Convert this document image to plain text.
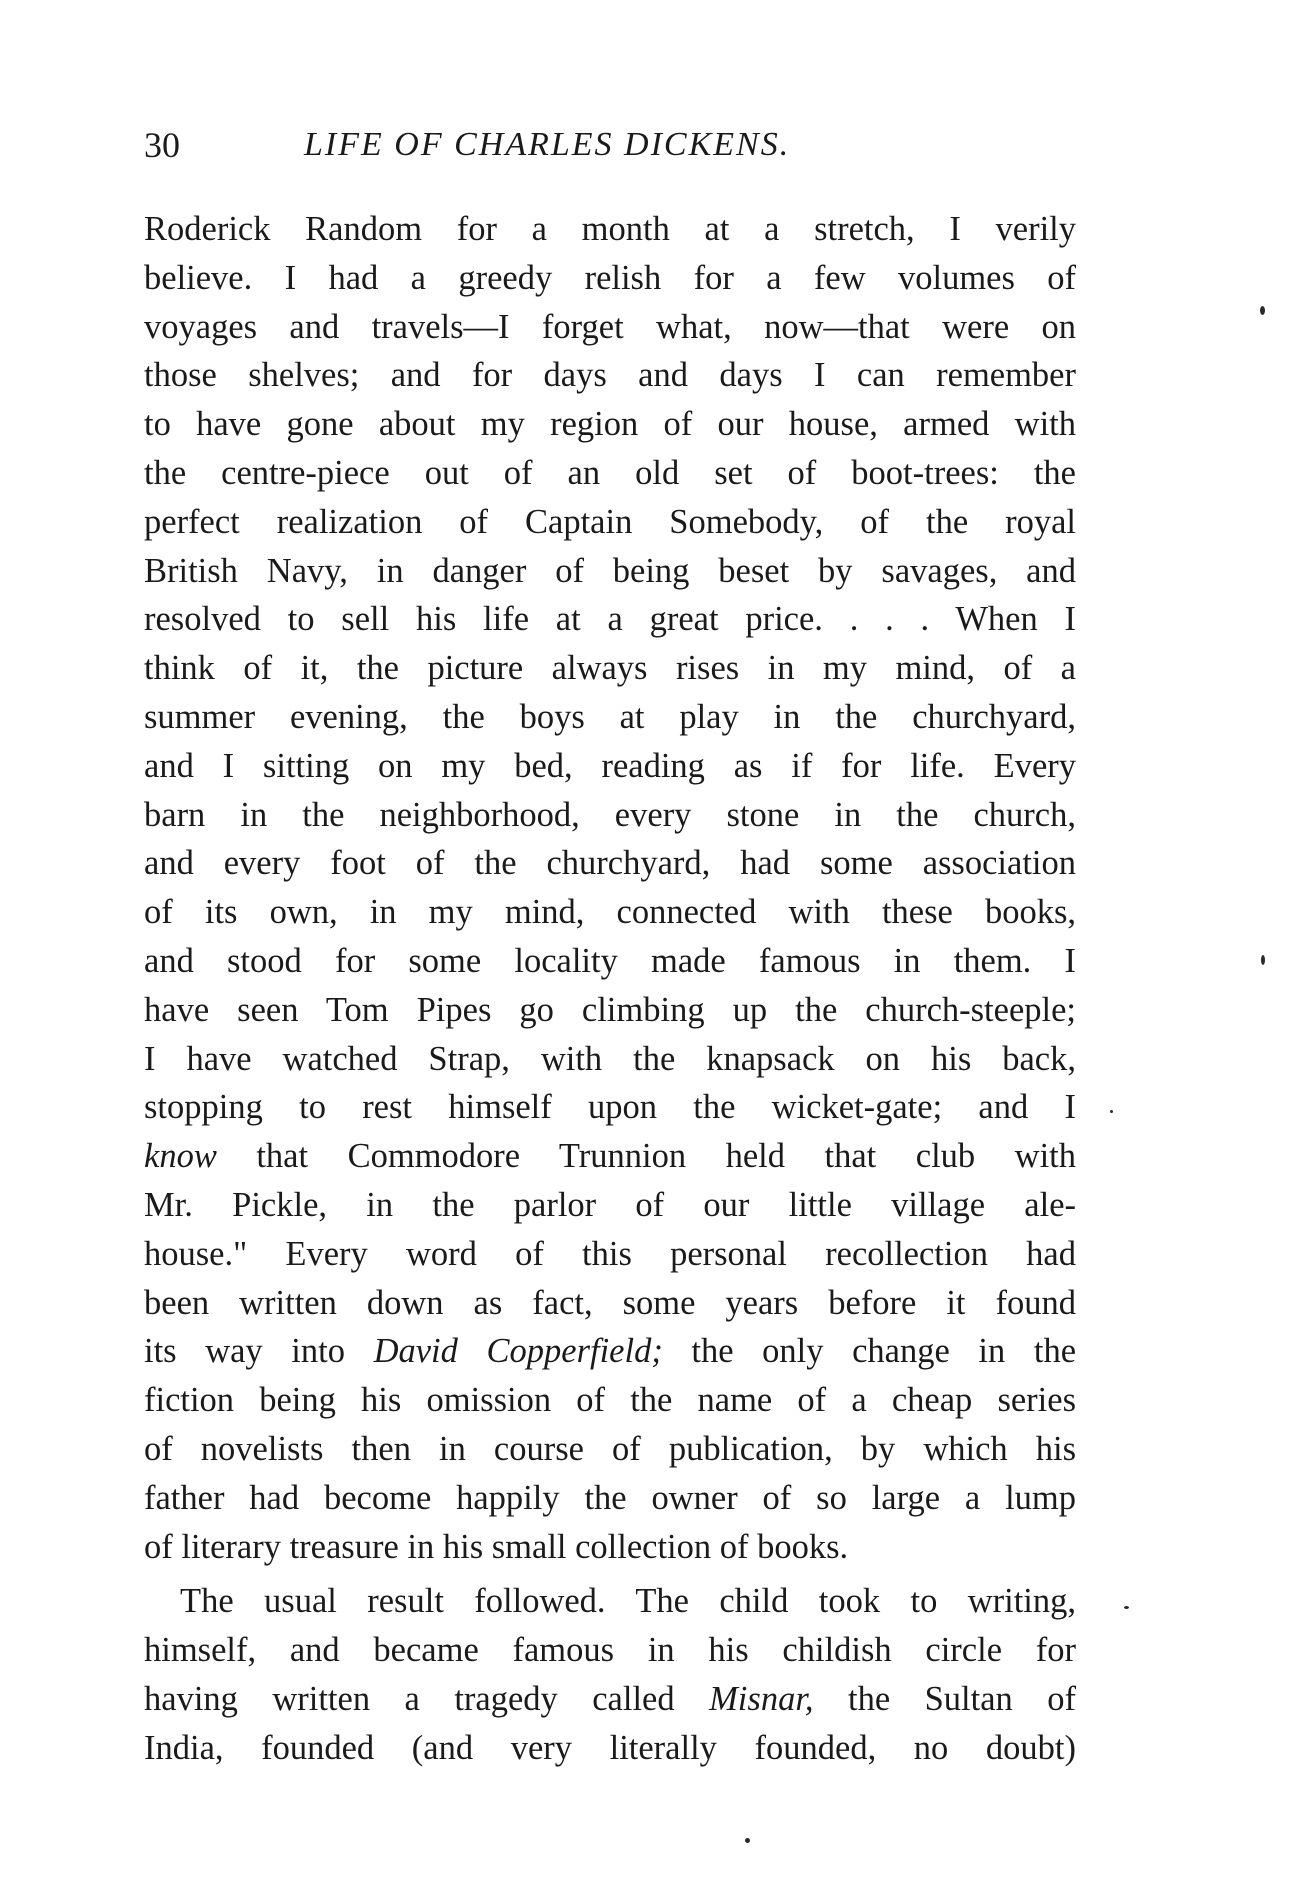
30	LIFE OF CHARLES DICKENS.

Roderick Random for a month at a stretch, I verily
believe. I had a greedy relish for a few volumes of
voyages and travels—I forget what, now—that were on
those shelves; and for days and days I can remember
to have gone about my region of our house, armed with
the centre-piece out of an old set of boot-trees: the
perfect realization of Captain Somebody, of the royal
British Navy, in danger of being beset by savages, and
resolved to sell his life at a great price. . . . When I
think of it, the picture always rises in my mind, of a
summer evening, the boys at play in the churchyard,
and I sitting on my bed, reading as if for life. Every
barn in the neighborhood, every stone in the church,
and every foot of the churchyard, had some association
of its own, in my mind, connected with these books,
and stood for some locality made famous in them. I
have seen Tom Pipes go climbing up the church-steeple;
I have watched Strap, with the knapsack on his back,
stopping to rest himself upon the wicket-gate; and I
know that Commodore Trunnion held that club with
Mr. Pickle, in the parlor of our little village ale-
house." Every word of this personal recollection had
been written down as fact, some years before it found
its way into David Copperfield; the only change in the
fiction being his omission of the name of a cheap series
of novelists then in course of publication, by which his
father had become happily the owner of so large a lump
of literary treasure in his small collection of books.

The usual result followed. The child took to writing,
himself, and became famous in his childish circle for
having written a tragedy called Misnar, the Sultan of
India, founded (and very literally founded, no doubt)
